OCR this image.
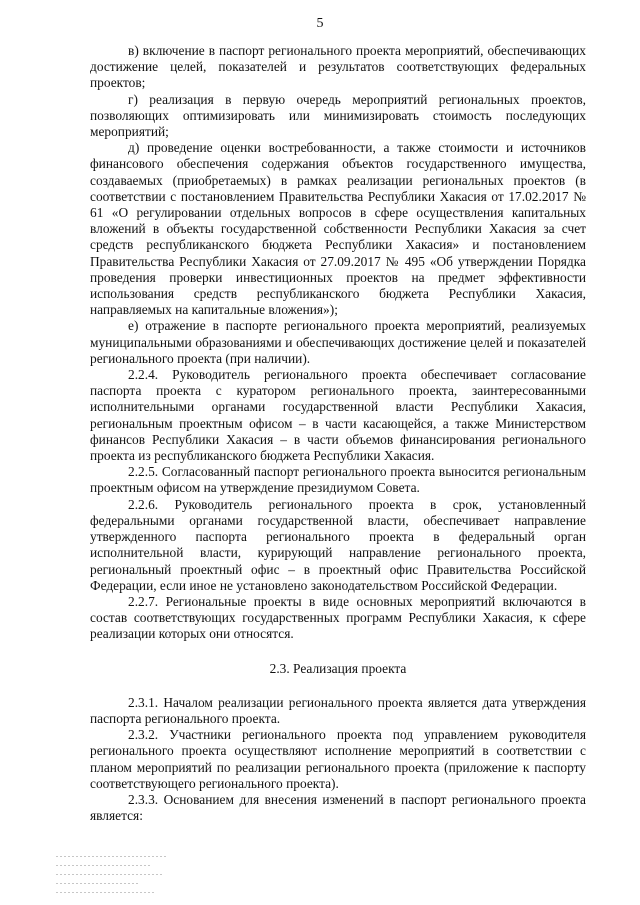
5

в) включение в паспорт регионального проекта мероприятий, обеспечивающих достижение целей, показателей и результатов соответствующих федеральных проектов;

г) реализация в первую очередь мероприятий региональных проектов, позволяющих оптимизировать или минимизировать стоимость последующих мероприятий;

д) проведение оценки востребованности, а также стоимости и источников финансового обеспечения содержания объектов государственного имущества, создаваемых (приобретаемых) в рамках реализации региональных проектов (в соответствии с постановлением Правительства Республики Хакасия от 17.02.2017 № 61 «О регулировании отдельных вопросов в сфере осуществления капитальных вложений в объекты государственной собственности Республики Хакасия за счет средств республиканского бюджета Республики Хакасия» и постановлением Правительства Республики Хакасия от 27.09.2017 № 495 «Об утверждении Порядка проведения проверки инвестиционных проектов на предмет эффективности использования средств республиканского бюджета Республики Хакасия, направляемых на капитальные вложения»);

е) отражение в паспорте регионального проекта мероприятий, реализуемых муниципальными образованиями и обеспечивающих достижение целей и показателей регионального проекта (при наличии).

2.2.4. Руководитель регионального проекта обеспечивает согласование паспорта проекта с куратором регионального проекта, заинтересованными исполнительными органами государственной власти Республики Хакасия, региональным проектным офисом – в части касающейся, а также Министерством финансов Республики Хакасия – в части объемов финансирования регионального проекта из республиканского бюджета Республики Хакасия.

2.2.5. Согласованный паспорт регионального проекта выносится региональным проектным офисом на утверждение президиумом Совета.

2.2.6. Руководитель регионального проекта в срок, установленный федеральными органами государственной власти, обеспечивает направление утвержденного паспорта регионального проекта в федеральный орган исполнительной власти, курирующий направление регионального проекта, региональный проектный офис – в проектный офис Правительства Российской Федерации, если иное не установлено законодательством Российской Федерации.

2.2.7. Региональные проекты в виде основных мероприятий включаются в состав соответствующих государственных программ Республики Хакасия, к сфере реализации которых они относятся.

2.3. Реализация проекта

2.3.1. Началом реализации регионального проекта является дата утверждения паспорта регионального проекта.

2.3.2. Участники регионального проекта под управлением руководителя регионального проекта осуществляют исполнение мероприятий в соответствии с планом мероприятий по реализации регионального проекта (приложение к паспорту соответствующего регионального проекта).

2.3.3. Основанием для внесения изменений в паспорт регионального проекта является:
